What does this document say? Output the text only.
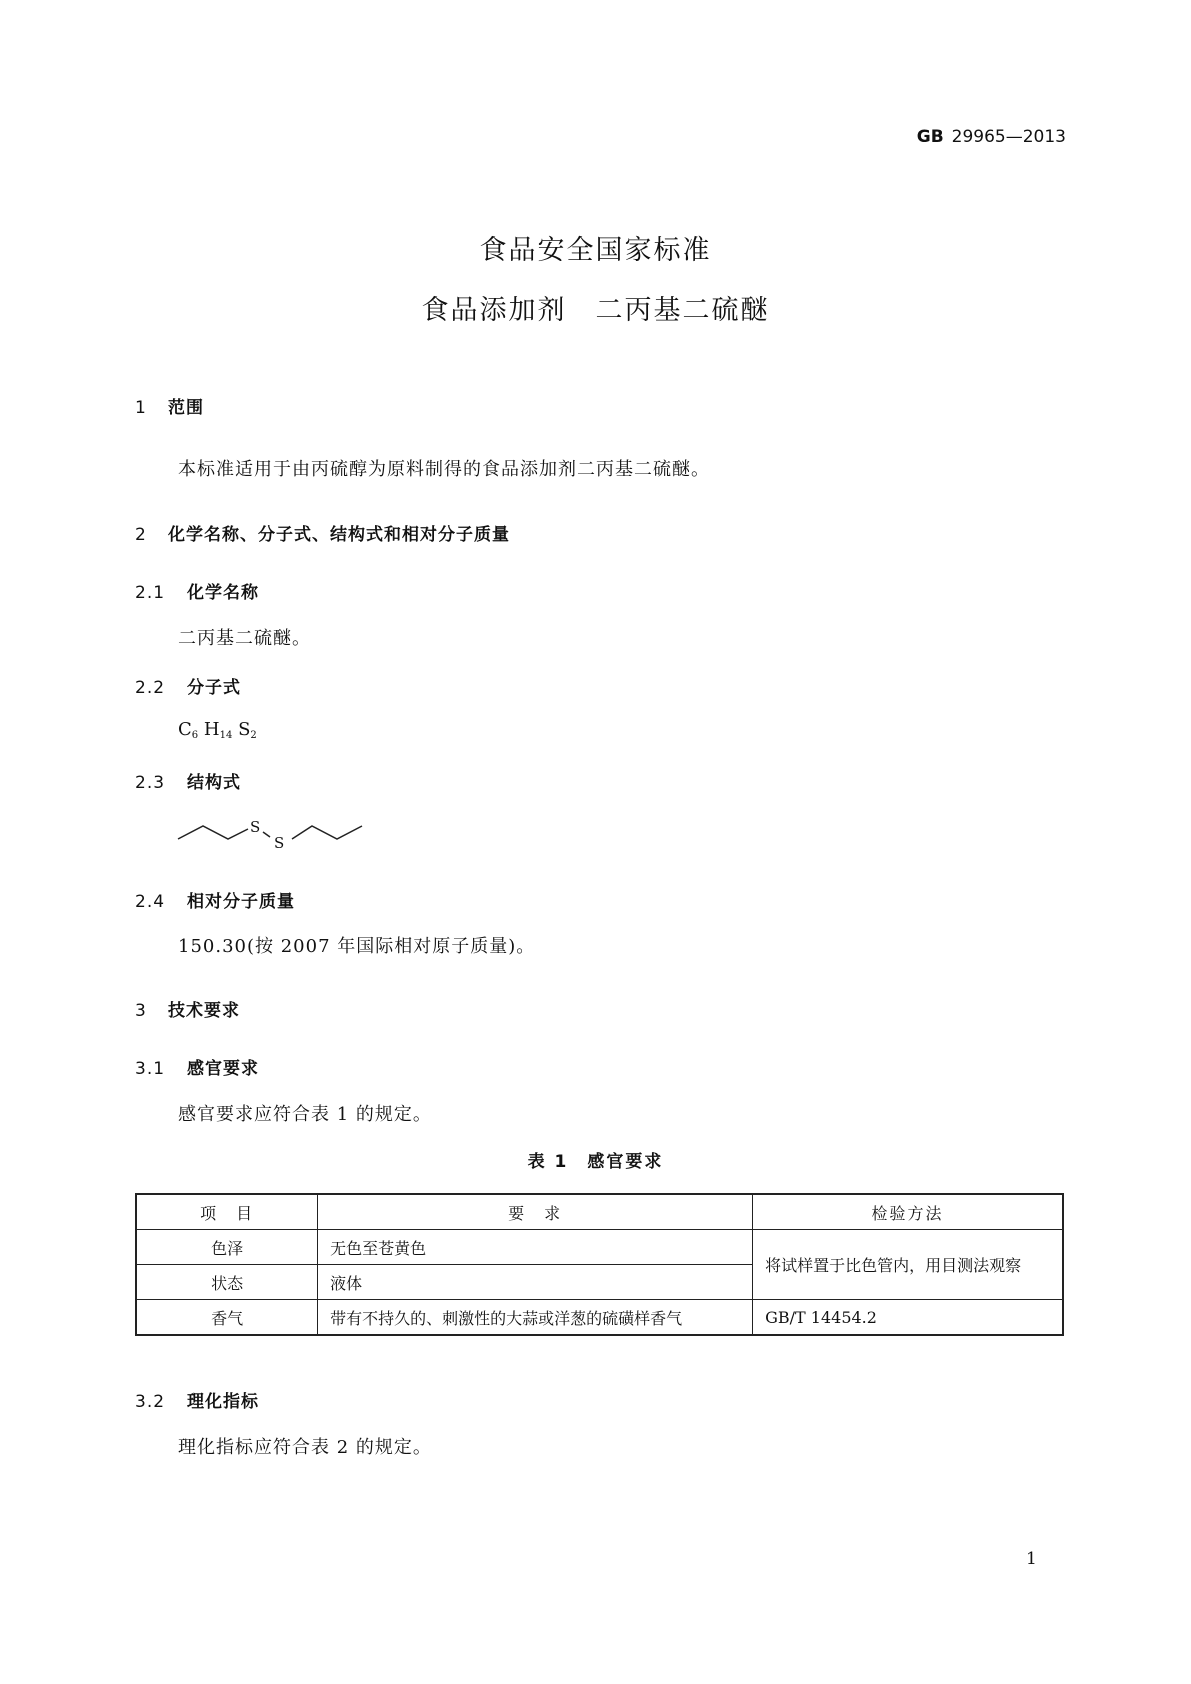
GB 29965—2013
食品安全国家标准
食品添加剂　二丙基二硫醚
1 范围
本标准适用于由丙硫醇为原料制得的食品添加剂二丙基二硫醚。
2 化学名称、分子式、结构式和相对分子质量
2.1 化学名称
二丙基二硫醚。
2.2 分子式
$C_6$ $H_{14}$ $S_2$
2.3 结构式
S
S
2.4 相对分子质量
150.30(按 2007 年国际相对原子质量)。
3 技术要求
3.1 感官要求
感官要求应符合表 1 的规定。
表 1　感官要求
项　目	要　求	检验方法
色泽	无色至苍黄色	将试样置于比色管内，用目测法观察
状态	液体	
香气	带有不持久的、刺激性的大蒜或洋葱的硫磺样香气	GB/T 14454.2
3.2 理化指标
理化指标应符合表 2 的规定。
1
